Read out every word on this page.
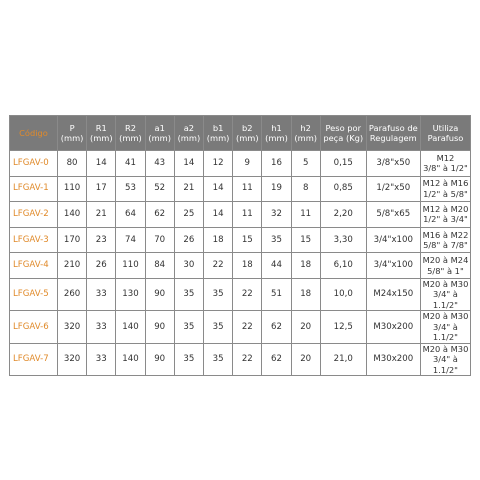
Código	P
(mm)	R1
(mm)	R2
(mm)	a1
(mm)	a2
(mm)	b1
(mm)	b2
(mm)	h1
(mm)	h2
(mm)	Peso por
peça (Kg)	Parafuso de
Regulagem	Utiliza
Parafuso

LFGAV-0	80	14	41	43	14	12	9	16	5	0,15	3/8"x50	M12
3/8" à 1/2"

LFGAV-1	110	17	53	52	21	14	11	19	8	0,85	1/2"x50	M12 à M16
1/2" à 5/8"

LFGAV-2	140	21	64	62	25	14	11	32	11	2,20	5/8"x65	M12 à M20
1/2" à 3/4"

LFGAV-3	170	23	74	70	26	18	15	35	15	3,30	3/4"x100	M16 à M22
5/8" à 7/8"

LFGAV-4	210	26	110	84	30	22	18	44	18	6,10	3/4"x100	M20 à M24
5/8" à 1"

LFGAV-5	260	33	130	90	35	35	22	51	18	10,0	M24x150	M20 à M30
3/4" à 1.1/2"

LFGAV-6	320	33	140	90	35	35	22	62	20	12,5	M30x200	M20 à M30
3/4" à 1.1/2"

LFGAV-7	320	33	140	90	35	35	22	62	20	21,0	M30x200	M20 à M30
3/4" à 1.1/2"
